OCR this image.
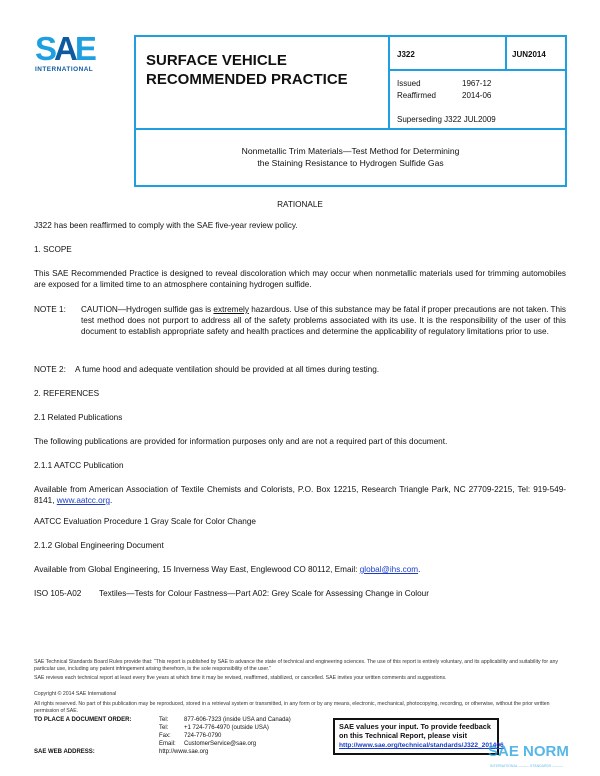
SAE
INTERNATIONAL
SURFACE VEHICLE
RECOMMENDED PRACTICE
J322	JUN2014
Issued	1967-12
Reaffirmed	2014-06
Superseding J322 JUL2009
Nonmetallic Trim Materials—Test Method for Determining
the Staining Resistance to Hydrogen Sulfide Gas
RATIONALE
J322 has been reaffirmed to comply with the SAE five-year review policy.
1. SCOPE
This SAE Recommended Practice is designed to reveal discoloration which may occur when nonmetallic materials used for trimming automobiles are exposed for a limited time to an atmosphere containing hydrogen sulfide.
NOTE 1: CAUTION—Hydrogen sulfide gas is extremely hazardous. Use of this substance may be fatal if proper precautions are not taken. This test method does not purport to address all of the safety problems associated with its use. It is the responsibility of the user of this document to establish appropriate safety and health practices and determine the applicability of regulatory limitations prior to use.
NOTE 2: A fume hood and adequate ventilation should be provided at all times during testing.
2. REFERENCES
2.1 Related Publications
The following publications are provided for information purposes only and are not a required part of this document.
2.1.1 AATCC Publication
Available from American Association of Textile Chemists and Colorists, P.O. Box 12215, Research Triangle Park, NC 27709-2215, Tel: 919-549-8141, www.aatcc.org.
AATCC Evaluation Procedure 1 Gray Scale for Color Change
2.1.2 Global Engineering Document
Available from Global Engineering, 15 Inverness Way East, Englewood CO 80112, Email: global@ihs.com.
ISO 105-A02 Textiles—Tests for Colour Fastness—Part A02: Grey Scale for Assessing Change in Colour
SAE Technical Standards Board Rules provide that: “This report is published by SAE to advance the state of technical and engineering sciences. The use of this report is entirely voluntary, and its applicability and suitability for any particular use, including any patent infringement arising therefrom, is the sole responsibility of the user.”
SAE reviews each technical report at least every five years at which time it may be revised, reaffirmed, stabilized, or cancelled. SAE invites your written comments and suggestions.
Copyright © 2014 SAE International
All rights reserved. No part of this publication may be reproduced, stored in a retrieval system or transmitted, in any form or by any means, electronic, mechanical, photocopying, recording, or otherwise, without the prior written permission of SAE.
TO PLACE A DOCUMENT ORDER:	Tel:	877-606-7323 (inside USA and Canada)
Tel:	+1 724-776-4970 (outside USA)
Fax: 724-776-0790
Email: CustomerService@sae.org
SAE WEB ADDRESS:	http://www.sae.org
SAE values your input. To provide feedback
on this Technical Report, please visit
http://www.sae.org/technical/standards/J322_201406
SAE NORM
INTERNATIONAL ——— STANDARDS ———
